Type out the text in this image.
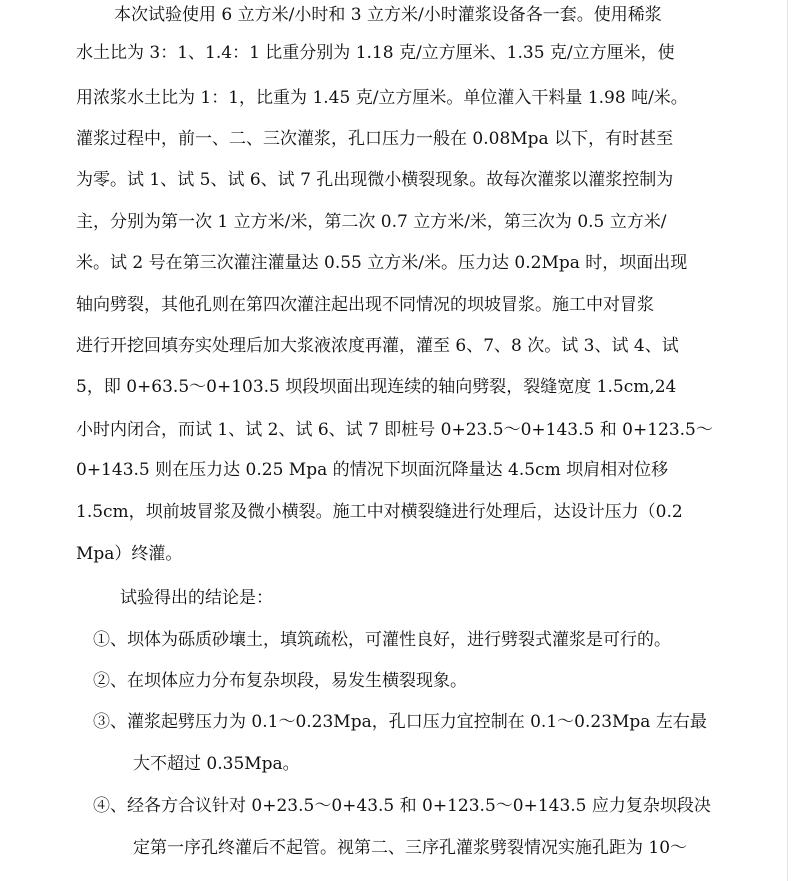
本次试验使用 6 立方米/小时和 3 立方米/小时灌浆设备各一套。使用稀浆
水土比为 3：1、1.4：1 比重分别为 1.18 克/立方厘米、1.35 克/立方厘米，使
用浓浆水土比为 1：1，比重为 1.45 克/立方厘米。单位灌入干料量 1.98 吨/米。
灌浆过程中，前一、二、三次灌浆，孔口压力一般在 0.08Mpa 以下，有时甚至
为零。试 1、试 5、试 6、试 7 孔出现微小横裂现象。故每次灌浆以灌浆控制为
主，分别为第一次 1 立方米/米，第二次 0.7 立方米/米，第三次为 0.5 立方米/
米。试 2 号在第三次灌注灌量达 0.55 立方米/米。压力达 0.2Mpa 时，坝面出现
轴向劈裂，其他孔则在第四次灌注起出现不同情况的坝坡冒浆。施工中对冒浆
进行开挖回填夯实处理后加大浆液浓度再灌，灌至 6、7、8 次。试 3、试 4、试
5，即 0+63.5～0+103.5 坝段坝面出现连续的轴向劈裂，裂缝宽度 1.5cm,24
小时内闭合，而试 1、试 2、试 6、试 7 即桩号 0+23.5～0+143.5 和 0+123.5～
0+143.5 则在压力达 0.25 Mpa 的情况下坝面沉降量达 4.5cm 坝肩相对位移
1.5cm，坝前坡冒浆及微小横裂。施工中对横裂缝进行处理后，达设计压力（0.2
Mpa）终灌。
试验得出的结论是：
①、坝体为砾质砂壤土，填筑疏松，可灌性良好，进行劈裂式灌浆是可行的。
②、在坝体应力分布复杂坝段，易发生横裂现象。
③、灌浆起劈压力为 0.1～0.23Mpa，孔口压力宜控制在 0.1～0.23Mpa 左右最
大不超过 0.35Mpa。
④、经各方合议针对 0+23.5～0+43.5 和 0+123.5～0+143.5 应力复杂坝段决
定第一序孔终灌后不起管。视第二、三序孔灌浆劈裂情况实施孔距为 10～
